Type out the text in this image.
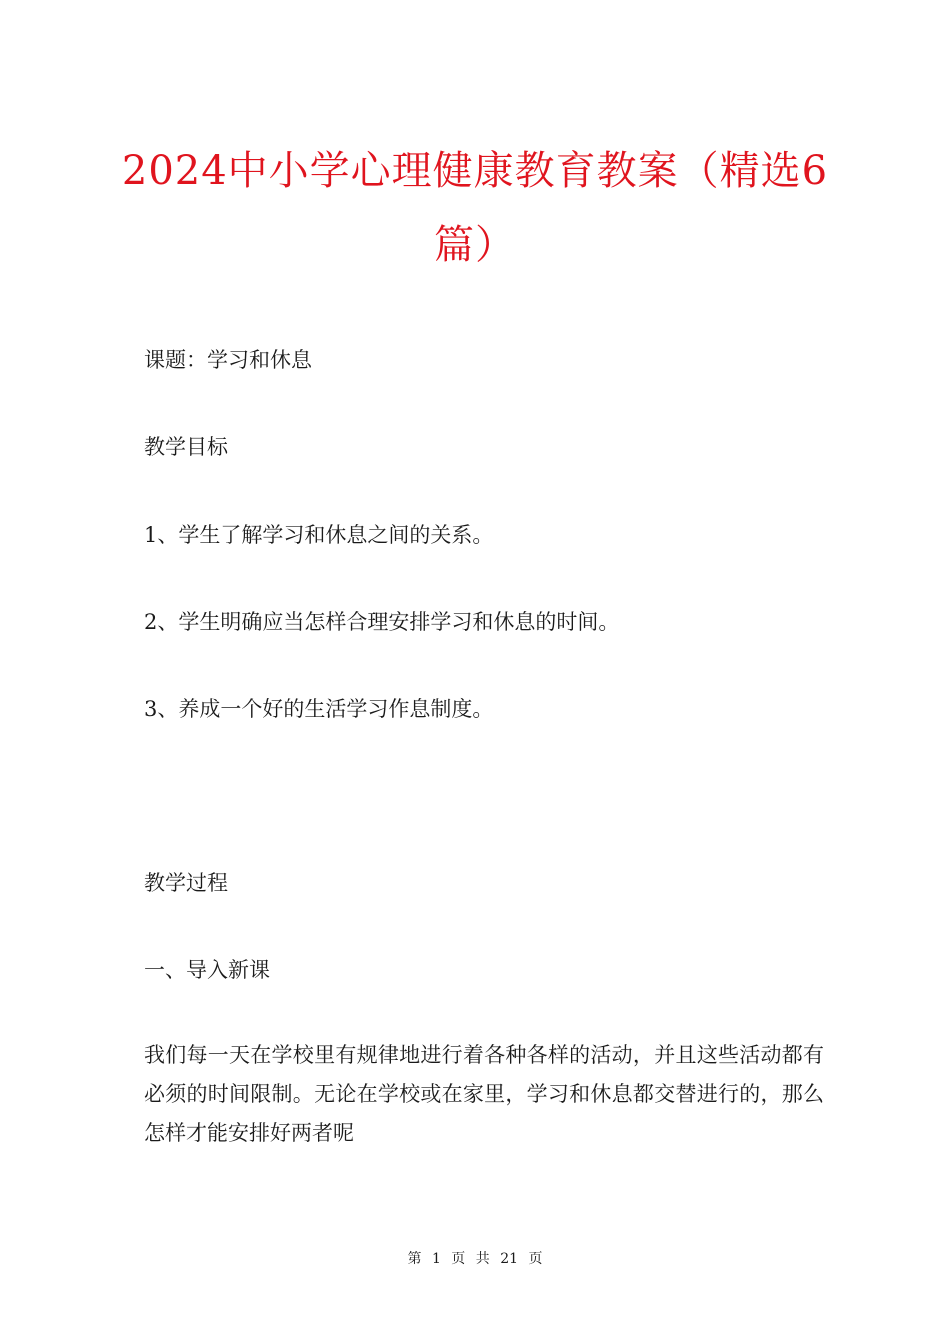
2024中小学心理健康教育教案（精选6篇）

课题：学习和休息

教学目标

1、学生了解学习和休息之间的关系。

2、学生明确应当怎样合理安排学习和休息的时间。

3、养成一个好的生活学习作息制度。

教学过程

一、导入新课

我们每一天在学校里有规律地进行着各种各样的活动，并且这些活动都有必须的时间限制。无论在学校或在家里，学习和休息都交替进行的，那么怎样才能安排好两者呢

第 1 页 共 21 页
